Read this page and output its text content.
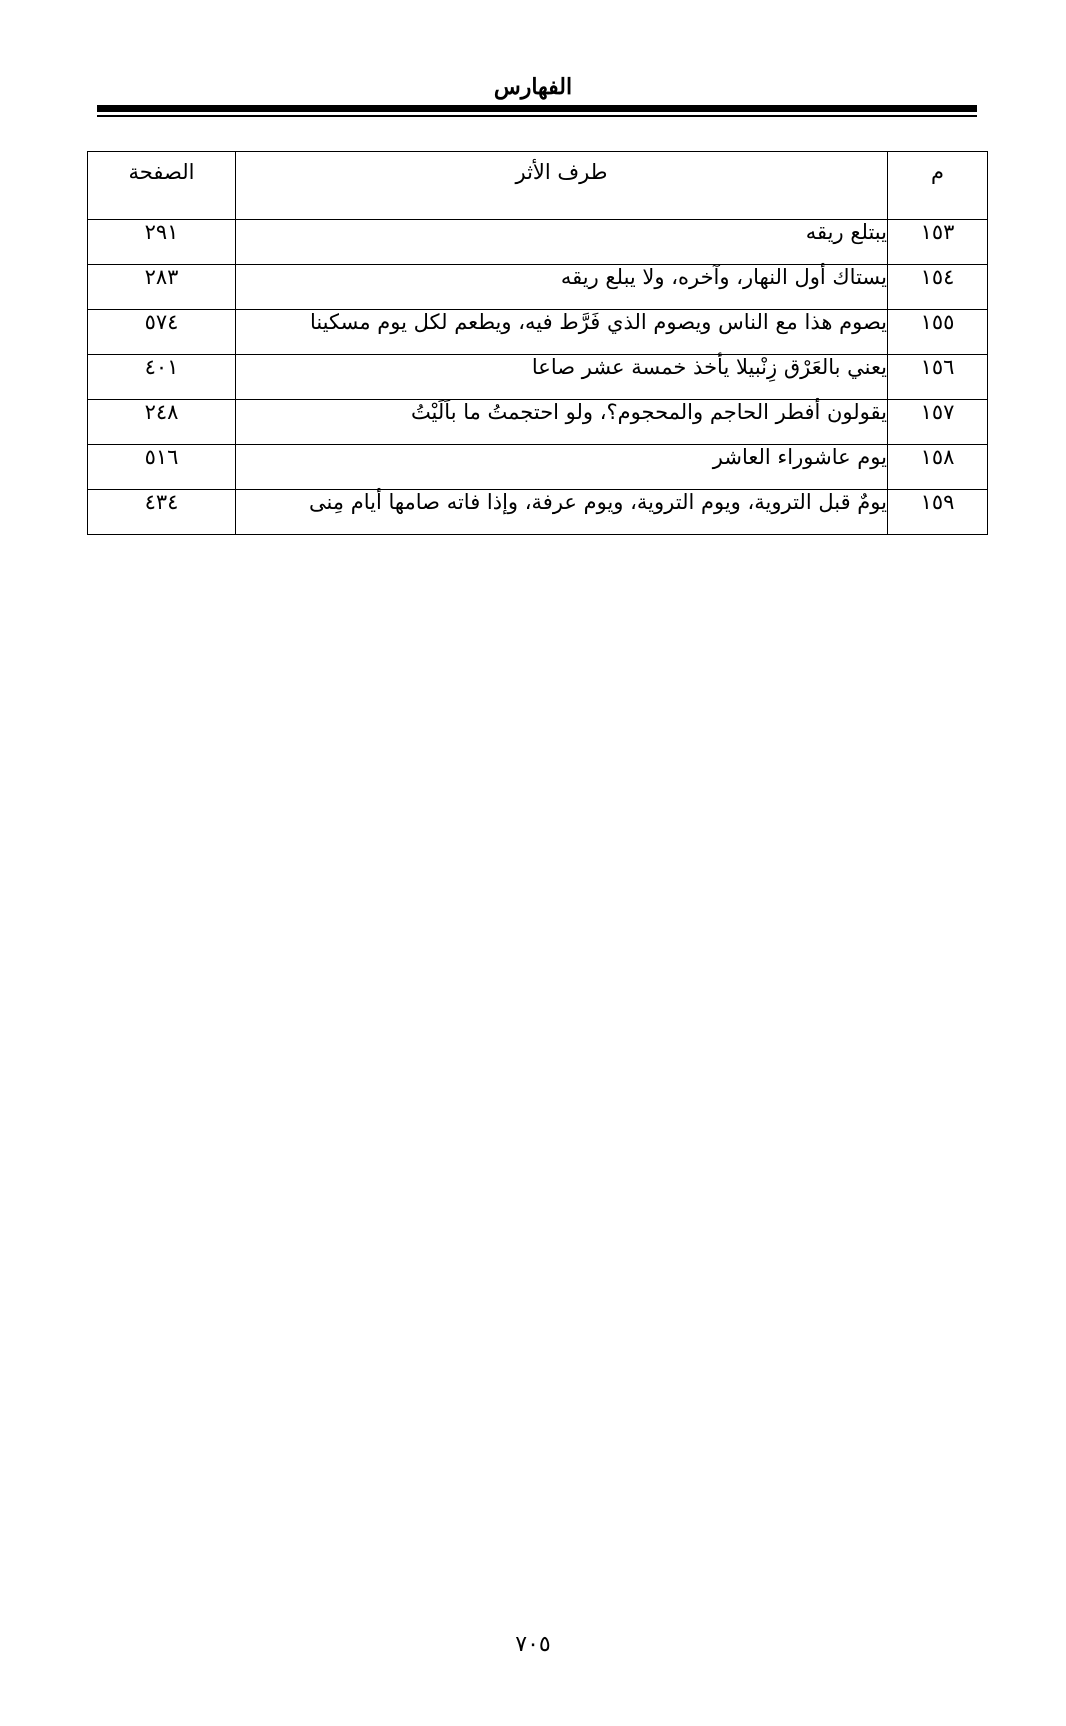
الفهارس
م	طرف الأثر	الصفحة
١٥٣	يبتلع ريقه	٢٩١
١٥٤	يستاك أول النهار، وآخره، ولا يبلع ريقه	٢٨٣
١٥٥	يصوم هذا مع الناس ويصوم الذي فَرَّط فيه، ويطعم لكل يوم مسكينا	٥٧٤
١٥٦	يعني بالعَرْق زِنْبيلا يأخذ خمسة عشر صاعا	٤٠١
١٥٧	يقولون أفطر الحاجم والمحجوم؟، ولو احتجمتُ ما باَلَيْتُ	٢٤٨
١٥٨	يوم عاشوراء العاشر	٥١٦
١٥٩	يومٌ قبل التروية، ويوم التروية، ويوم عرفة، وإذا فاته صامها أيام مِنى	٤٣٤
٧٠٥
